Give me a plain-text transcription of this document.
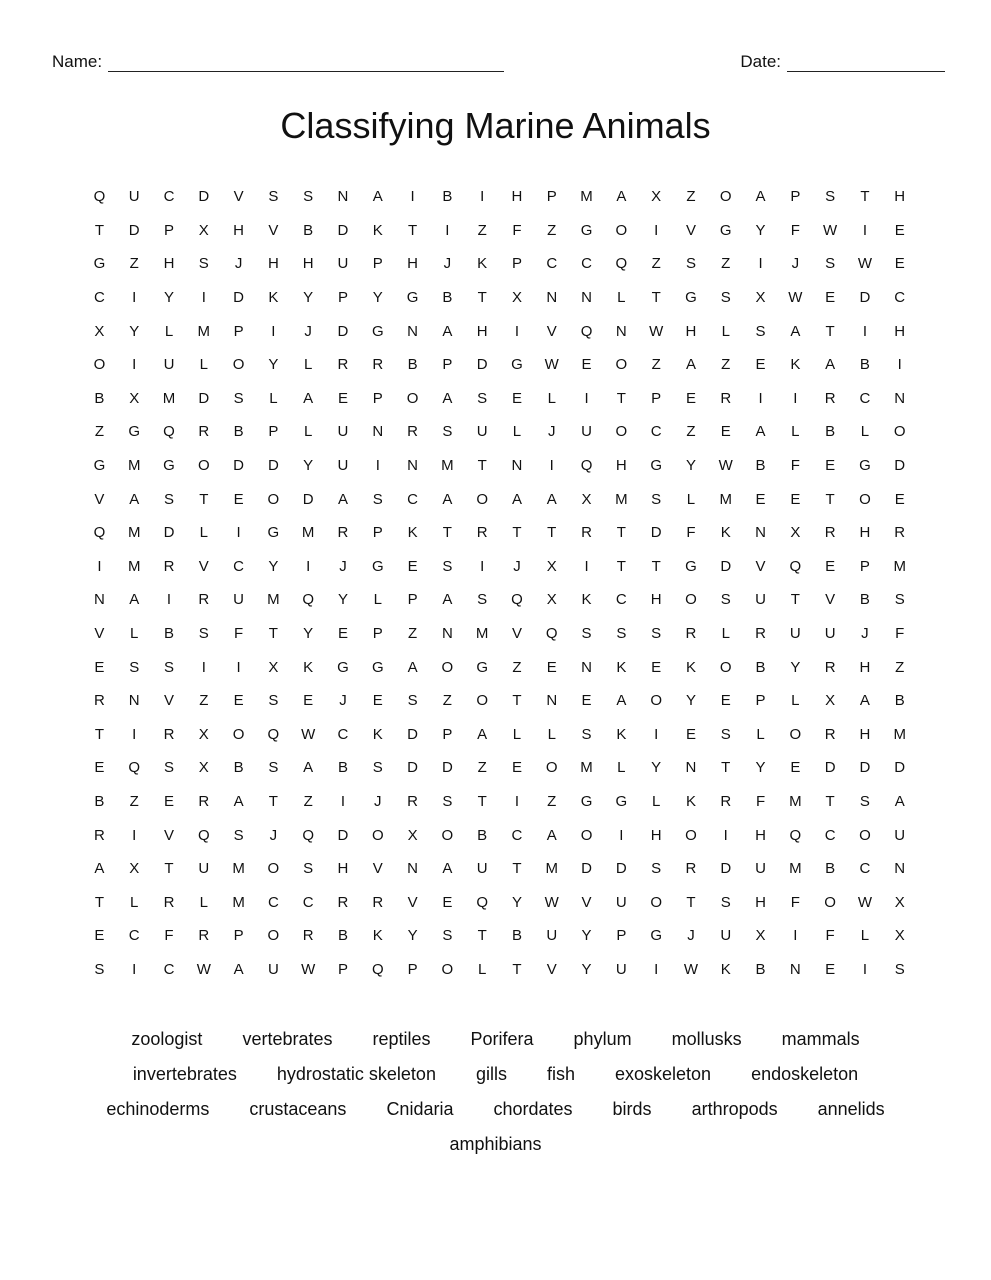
Name:	Date:
Classifying Marine Animals
Q	U	C	D	V	S	S	N	A	I	B	I	H	P	M	A	X	Z	O	A	P	S	T	H
T	D	P	X	H	V	B	D	K	T	I	Z	F	Z	G	O	I	V	G	Y	F	W	I	E
G	Z	H	S	J	H	H	U	P	H	J	K	P	C	C	Q	Z	S	Z	I	J	S	W	E
C	I	Y	I	D	K	Y	P	Y	G	B	T	X	N	N	L	T	G	S	X	W	E	D	C
X	Y	L	M	P	I	J	D	G	N	A	H	I	V	Q	N	W	H	L	S	A	T	I	H
O	I	U	L	O	Y	L	R	R	B	P	D	G	W	E	O	Z	A	Z	E	K	A	B	I
B	X	M	D	S	L	A	E	P	O	A	S	E	L	I	T	P	E	R	I	I	R	C	N
Z	G	Q	R	B	P	L	U	N	R	S	U	L	J	U	O	C	Z	E	A	L	B	L	O
G	M	G	O	D	D	Y	U	I	N	M	T	N	I	Q	H	G	Y	W	B	F	E	G	D
V	A	S	T	E	O	D	A	S	C	A	O	A	A	X	M	S	L	M	E	E	T	O	E
Q	M	D	L	I	G	M	R	P	K	T	R	T	T	R	T	D	F	K	N	X	R	H	R
I	M	R	V	C	Y	I	J	G	E	S	I	J	X	I	T	T	G	D	V	Q	E	P	M
N	A	I	R	U	M	Q	Y	L	P	A	S	Q	X	K	C	H	O	S	U	T	V	B	S
V	L	B	S	F	T	Y	E	P	Z	N	M	V	Q	S	S	S	R	L	R	U	U	J	F
E	S	S	I	I	X	K	G	G	A	O	G	Z	E	N	K	E	K	O	B	Y	R	H	Z
R	N	V	Z	E	S	E	J	E	S	Z	O	T	N	E	A	O	Y	E	P	L	X	A	B
T	I	R	X	O	Q	W	C	K	D	P	A	L	L	S	K	I	E	S	L	O	R	H	M
E	Q	S	X	B	S	A	B	S	D	D	Z	E	O	M	L	Y	N	T	Y	E	D	D	D
B	Z	E	R	A	T	Z	I	J	R	S	T	I	Z	G	G	L	K	R	F	M	T	S	A
R	I	V	Q	S	J	Q	D	O	X	O	B	C	A	O	I	H	O	I	H	Q	C	O	U
A	X	T	U	M	O	S	H	V	N	A	U	T	M	D	D	S	R	D	U	M	B	C	N
T	L	R	L	M	C	C	R	R	V	E	Q	Y	W	V	U	O	T	S	H	F	O	W	X
E	C	F	R	P	O	R	B	K	Y	S	T	B	U	Y	P	G	J	U	X	I	F	L	X
S	I	C	W	A	U	W	P	Q	P	O	L	T	V	Y	U	I	W	K	B	N	E	I	S
zoologist vertebrates reptiles Porifera phylum mollusks mammals
invertebrates hydrostatic skeleton gills fish exoskeleton endoskeleton
echinoderms crustaceans Cnidaria chordates birds arthropods annelids
amphibians
